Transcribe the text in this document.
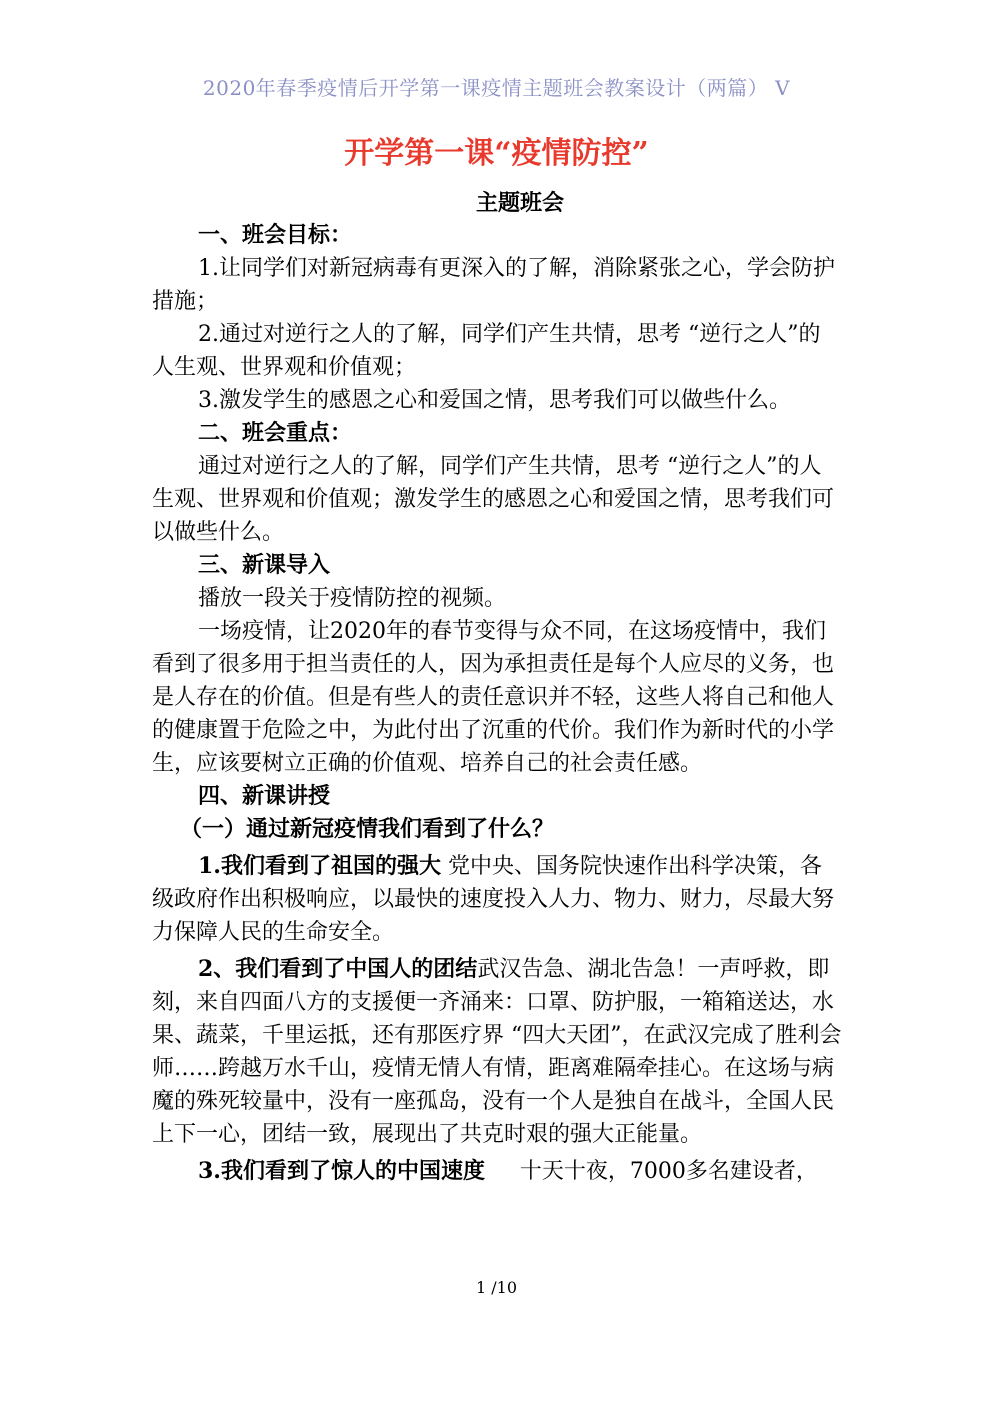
2020年春季疫情后开学第一课疫情主题班会教案设计（两篇） V
开学第一课“疫情防控”
主题班会

一、班会目标：

1.让同学们对新冠病毒有更深入的了解，消除紧张之心，学会防护措施；

2.通过对逆行之人的了解，同学们产生共情，思考 “逆行之人”的人生观、世界观和价值观；

3.激发学生的感恩之心和爱国之情，思考我们可以做些什么。

二、班会重点：

通过对逆行之人的了解，同学们产生共情，思考 “逆行之人”的人生观、世界观和价值观；激发学生的感恩之心和爱国之情，思考我们可以做些什么。

三、新课导入

播放一段关于疫情防控的视频。

一场疫情，让2020年的春节变得与众不同，在这场疫情中，我们看到了很多用于担当责任的人，因为承担责任是每个人应尽的义务，也是人存在的价值。但是有些人的责任意识并不轻，这些人将自己和他人的健康置于危险之中，为此付出了沉重的代价。我们作为新时代的小学生，应该要树立正确的价值观、培养自己的社会责任感。

四、新课讲授

（一）通过新冠疫情我们看到了什么？

1.我们看到了祖国的强大 党中央、国务院快速作出科学决策，各级政府作出积极响应，以最快的速度投入人力、物力、财力，尽最大努力保障人民的生命安全。

2、我们看到了中国人的团结武汉告急、湖北告急！一声呼救，即刻，来自四面八方的支援便一齐涌来：口罩、防护服，一箱箱送达，水果、蔬菜，千里运抵，还有那医疗界 “四大天团”，在武汉完成了胜利会师……跨越万水千山，疫情无情人有情，距离难隔牵挂心。在这场与病魔的殊死较量中，没有一座孤岛，没有一个人是独自在战斗，全国人民上下一心，团结一致，展现出了共克时艰的强大正能量。

3.我们看到了惊人的中国速度     十天十夜，7000多名建设者，

1 /10
